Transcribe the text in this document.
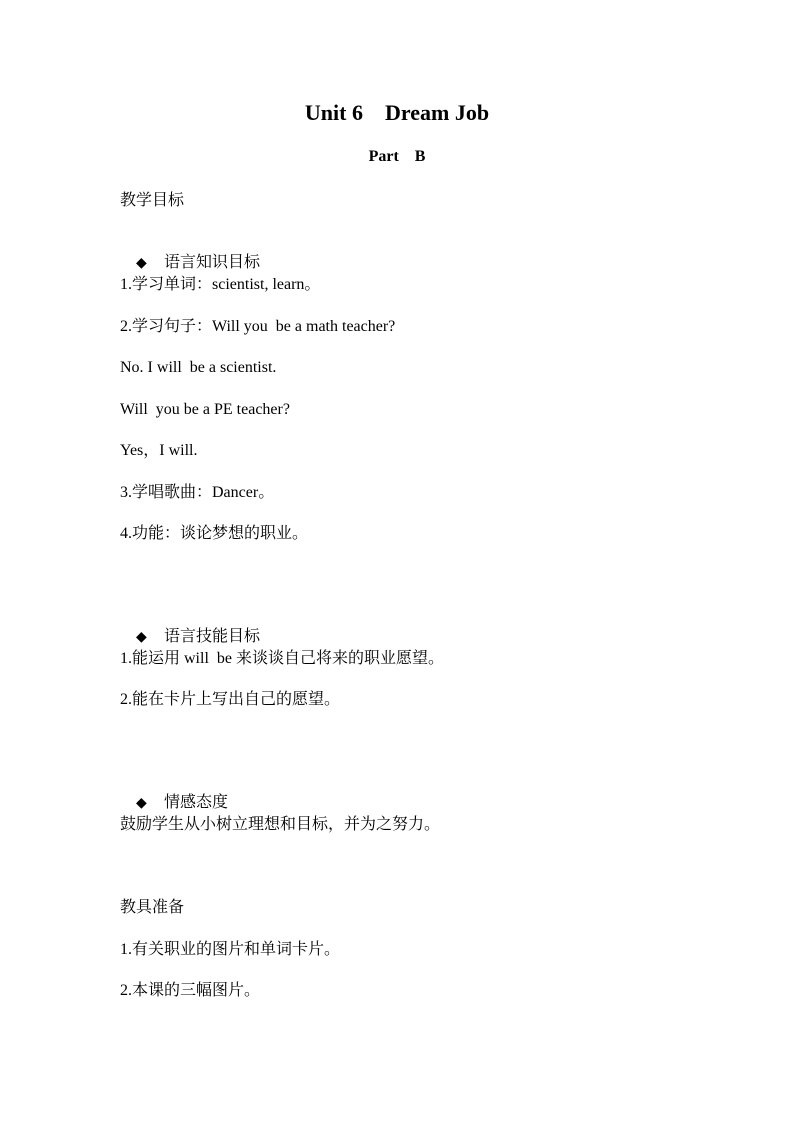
Unit 6    Dream Job
Part    B
教学目标

◆ 语言知识目标

1.学习单词：scientist, learn。
2.学习句子：Will you  be a math teacher?
No. I will  be a scientist.
Will  you be a PE teacher?
Yes，I will.
3.学唱歌曲：Dancer。
4.功能：谈论梦想的职业。

◆ 语言技能目标

1.能运用 will  be 来谈谈自己将来的职业愿望。
2.能在卡片上写出自己的愿望。

◆ 情感态度

鼓励学生从小树立理想和目标，并为之努力。
教具准备
1.有关职业的图片和单词卡片。
2.本课的三幅图片。
